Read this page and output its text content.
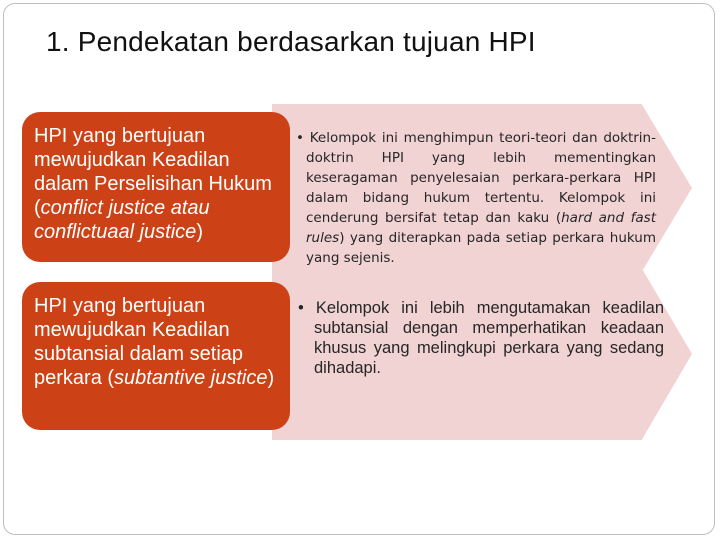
1. Pendekatan berdasarkan tujuan HPI
HPI yang bertujuan mewujudkan Keadilan dalam Perselisihan Hukum (conflict justice atau conflictuaal justice)

• Kelompok ini menghimpun teori-teori dan doktrin-doktrin HPI yang lebih mementingkan keseragaman penyelesaian perkara-perkara HPI dalam bidang hukum tertentu. Kelompok ini cenderung bersifat tetap dan kaku (hard and fast rules) yang diterapkan pada setiap perkara hukum yang sejenis.

HPI yang bertujuan mewujudkan Keadilan subtansial dalam setiap perkara (subtantive justice)

• Kelompok ini lebih mengutamakan keadilan subtansial dengan memperhatikan keadaan khusus yang melingkupi perkara yang sedang dihadapi.
